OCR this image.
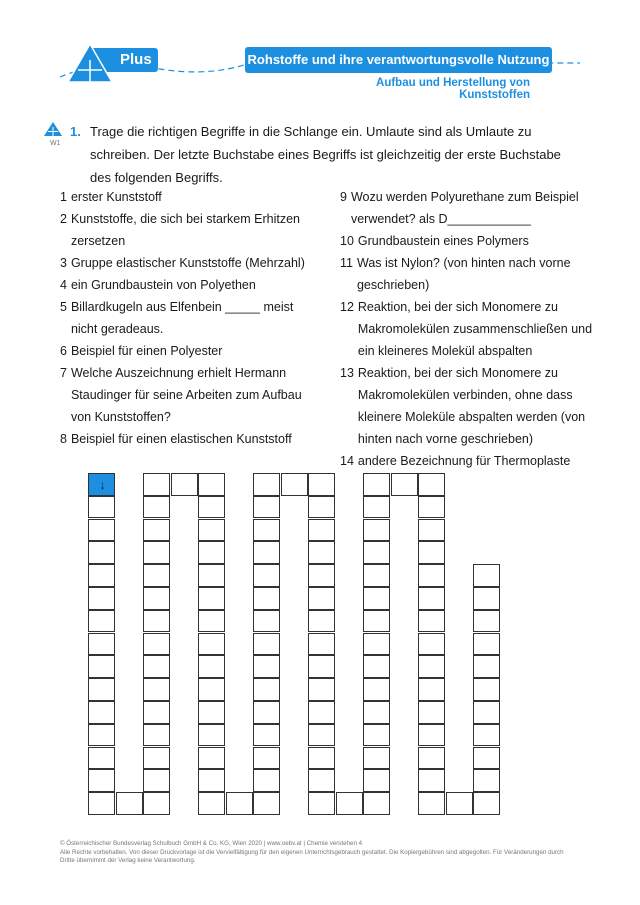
Plus	Rohstoffe und ihre verantwortungsvolle Nutzung
Aufbau und Herstellung von Kunststoffen
W1
1. Trage die richtigen Begriffe in die Schlange ein. Umlaute sind als Umlaute zu schreiben. Der letzte Buchstabe eines Begriffs ist gleichzeitig der erste Buchstabe des folgenden Begriffs.
1 erster Kunststoff
2 Kunststoffe, die sich bei starkem Erhitzen zersetzen
3 Gruppe elastischer Kunststoffe (Mehrzahl)
4 ein Grundbaustein von Polyethen
5 Billardkugeln aus Elfenbein _____ meist nicht geradeaus.
6 Beispiel für einen Polyester
7 Welche Auszeichnung erhielt Hermann Staudinger für seine Arbeiten zum Aufbau von Kunststoffen?
8 Beispiel für einen elastischen Kunststoff
9 Wozu werden Polyurethane zum Beispiel verwendet? als D____________
10 Grundbaustein eines Polymers
11 Was ist Nylon? (von hinten nach vorne geschrieben)
12 Reaktion, bei der sich Monomere zu Makromolekülen zusammenschließen und ein kleineres Molekül abspalten
13 Reaktion, bei der sich Monomere zu Makromolekülen verbinden, ohne dass kleinere Moleküle abspalten werden (von hinten nach vorne geschrieben)
14 andere Bezeichnung für Thermoplaste
↓
© Österreichischer Bundesverlag Schulbuch GmbH & Co. KG, Wien 2020 | www.oebv.at | Chemie verstehen 4
Alle Rechte vorbehalten. Von dieser Druckvorlage ist die Vervielfältigung für den eigenen Unterrichtsgebrauch gestattet. Die Kopiergebühren sind abgegolten. Für Veränderungen durch Dritte übernimmt der Verlag keine Verantwortung.
